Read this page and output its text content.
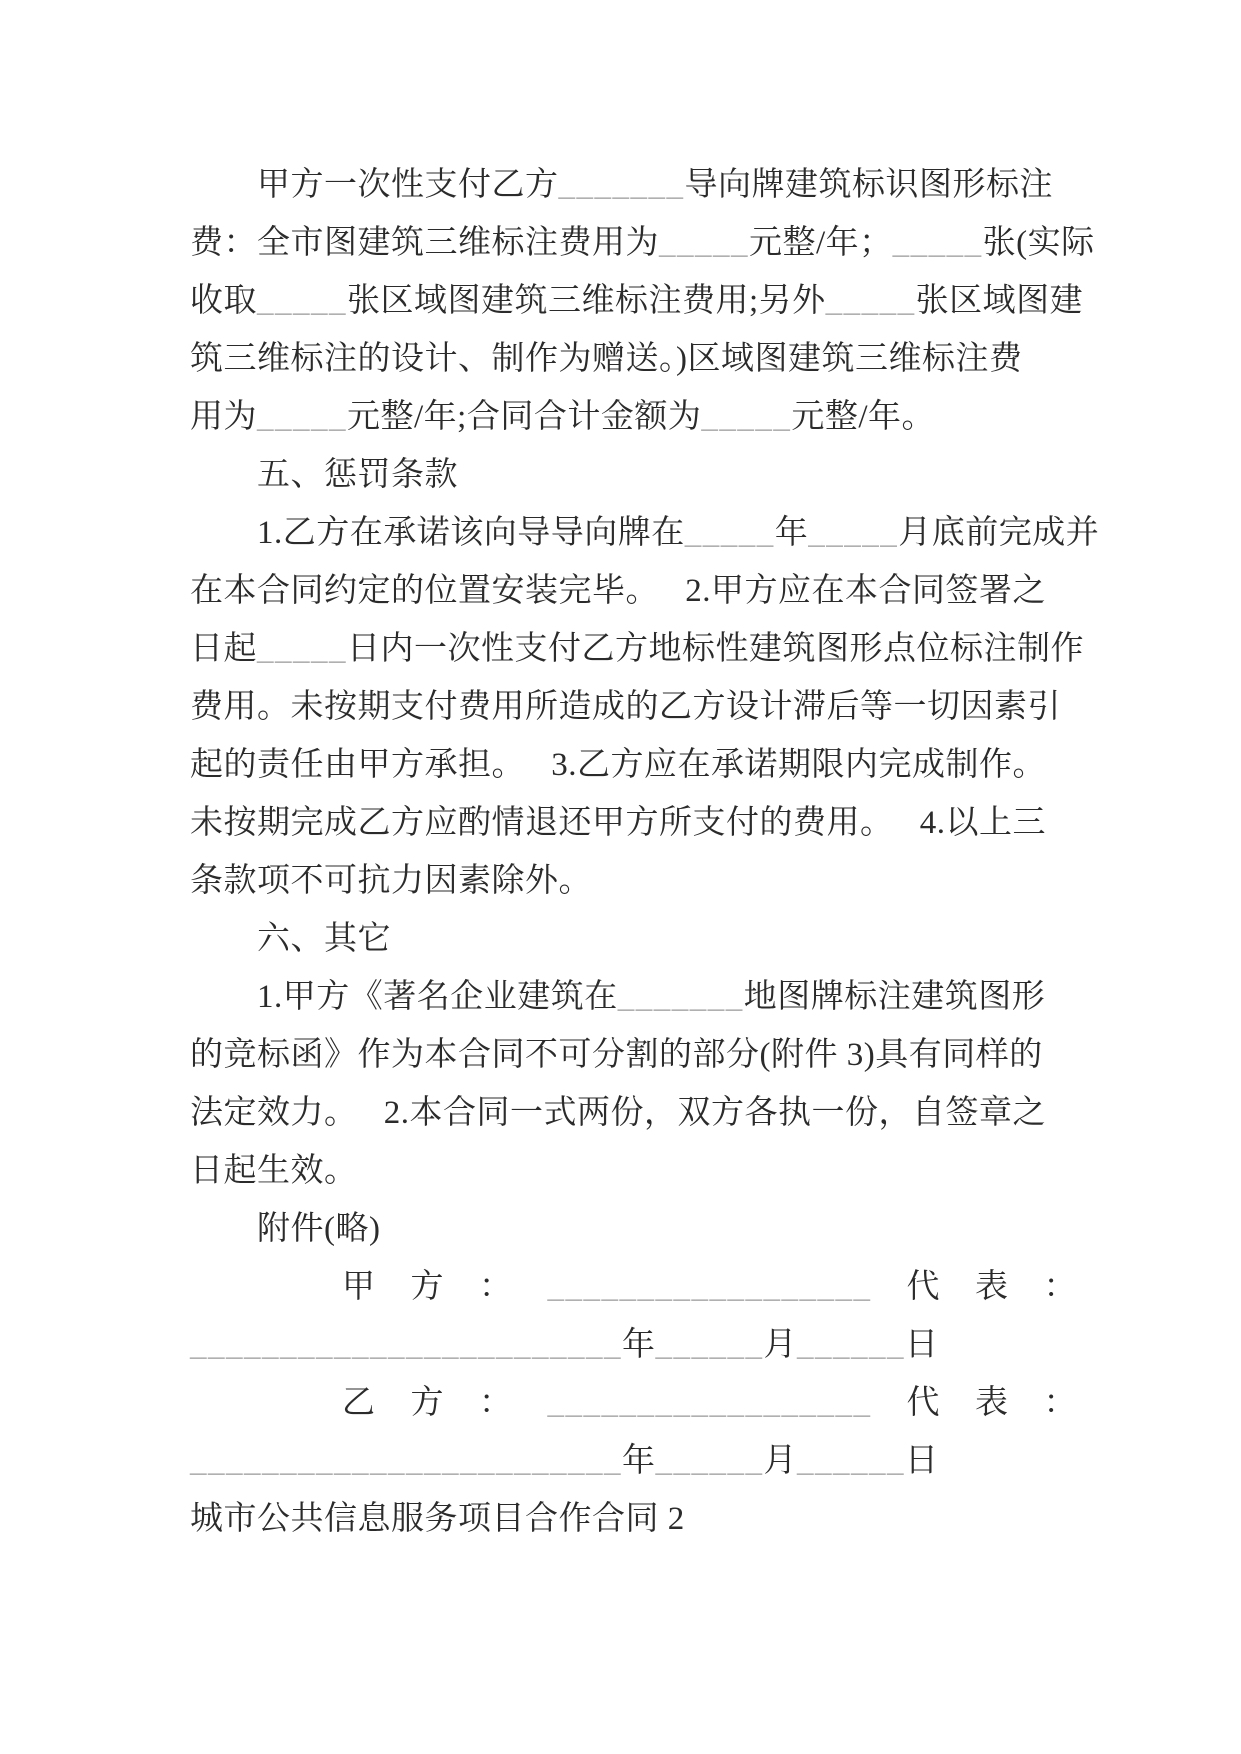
甲方一次性支付乙方_______导向牌建筑标识图形标注
费：全市图建筑三维标注费用为_____元整/年；_____张(实际
收取_____张区域图建筑三维标注费用;另外_____张区域图建
筑三维标注的设计、制作为赠送。)区域图建筑三维标注费
用为_____元整/年;合同合计金额为_____元整/年。
五、惩罚条款
1.乙方在承诺该向导导向牌在_____年_____月底前完成并
在本合同约定的位置安装完毕。   2.甲方应在本合同签署之
日起_____日内一次性支付乙方地标性建筑图形点位标注制作
费用。未按期支付费用所造成的乙方设计滞后等一切因素引
起的责任由甲方承担。   3.乙方应在承诺期限内完成制作。
未按期完成乙方应酌情退还甲方所支付的费用。   4.以上三
条款项不可抗力因素除外。
六、其它
1.甲方《著名企业建筑在_______地图牌标注建筑图形
的竞标函》作为本合同不可分割的部分(附件 3)具有同样的
法定效力。   2.本合同一式两份，双方各执一份，自签章之
日起生效。
附件(略)
甲    方    ：    __________________    代    表    ：
________________________年______月______日
乙    方    ：    __________________    代    表    ：
________________________年______月______日
城市公共信息服务项目合作合同 2
